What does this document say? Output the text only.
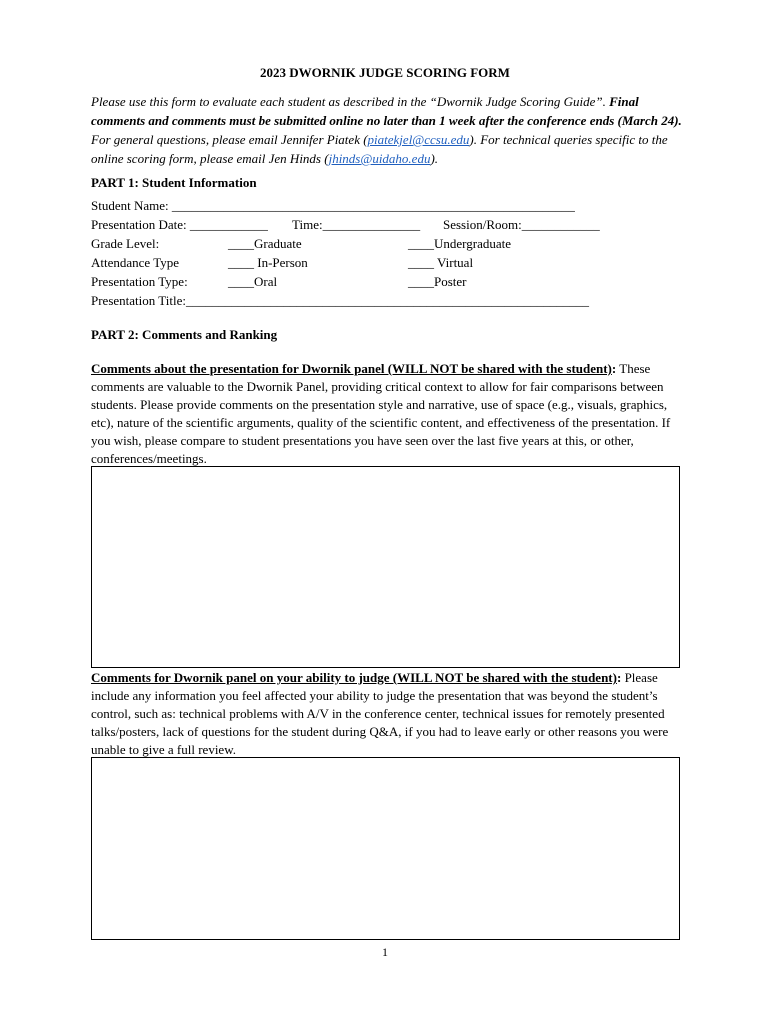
2023 DWORNIK JUDGE SCORING FORM
Please use this form to evaluate each student as described in the “Dwornik Judge Scoring Guide”. Final comments and comments must be submitted online no later than 1 week after the conference ends (March 24). For general questions, please email Jennifer Piatek (piatekjel@ccsu.edu). For technical queries specific to the online scoring form, please email Jen Hinds (jhinds@uidaho.edu).
PART 1: Student Information
Student Name: ______________________________________________________________
Presentation Date: ____________ Time:_______________ Session/Room:____________
Grade Level:	____Graduate	____Undergraduate
Attendance Type	____ In-Person	____ Virtual
Presentation Type:	____Oral	____Poster
Presentation Title:______________________________________________________________
PART 2: Comments and Ranking
Comments about the presentation for Dwornik panel (WILL NOT be shared with the student): These comments are valuable to the Dwornik Panel, providing critical context to allow for fair comparisons between students. Please provide comments on the presentation style and narrative, use of space (e.g., visuals, graphics, etc), nature of the scientific arguments, quality of the scientific content, and effectiveness of the presentation. If you wish, please compare to student presentations you have seen over the last five years at this, or other, conferences/meetings.
Comments for Dwornik panel on your ability to judge (WILL NOT be shared with the student): Please include any information you feel affected your ability to judge the presentation that was beyond the student’s control, such as: technical problems with A/V in the conference center, technical issues for remotely presented talks/posters, lack of questions for the student during Q&A, if you had to leave early or other reasons you were unable to give a full review.
1
